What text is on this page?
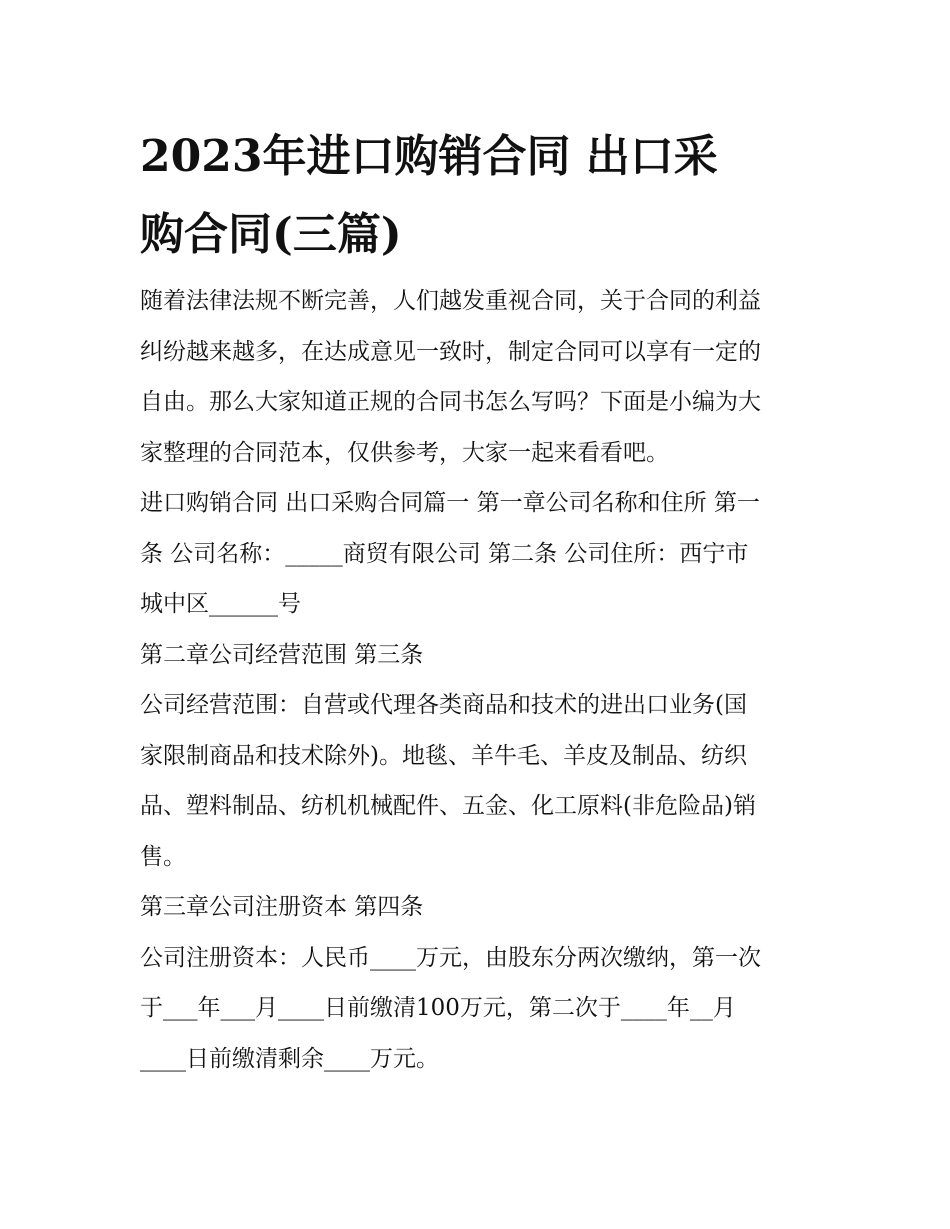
2023年进口购销合同 出口采
购合同(三篇)

随着法律法规不断完善，人们越发重视合同，关于合同的利益
纠纷越来越多，在达成意见一致时，制定合同可以享有一定的
自由。那么大家知道正规的合同书怎么写吗？下面是小编为大
家整理的合同范本，仅供参考，大家一起来看看吧。

进口购销合同 出口采购合同篇一 第一章公司名称和住所 第一
条 公司名称：_____商贸有限公司 第二条 公司住所：西宁市
城中区______号

第二章公司经营范围 第三条

公司经营范围：自营或代理各类商品和技术的进出口业务(国
家限制商品和技术除外)。地毯、羊牛毛、羊皮及制品、纺织
品、塑料制品、纺机机械配件、五金、化工原料(非危险品)销
售。

第三章公司注册资本 第四条

公司注册资本：人民币____万元，由股东分两次缴纳，第一次
于___年___月____日前缴清100万元，第二次于____年__月
____日前缴清剩余____万元。
